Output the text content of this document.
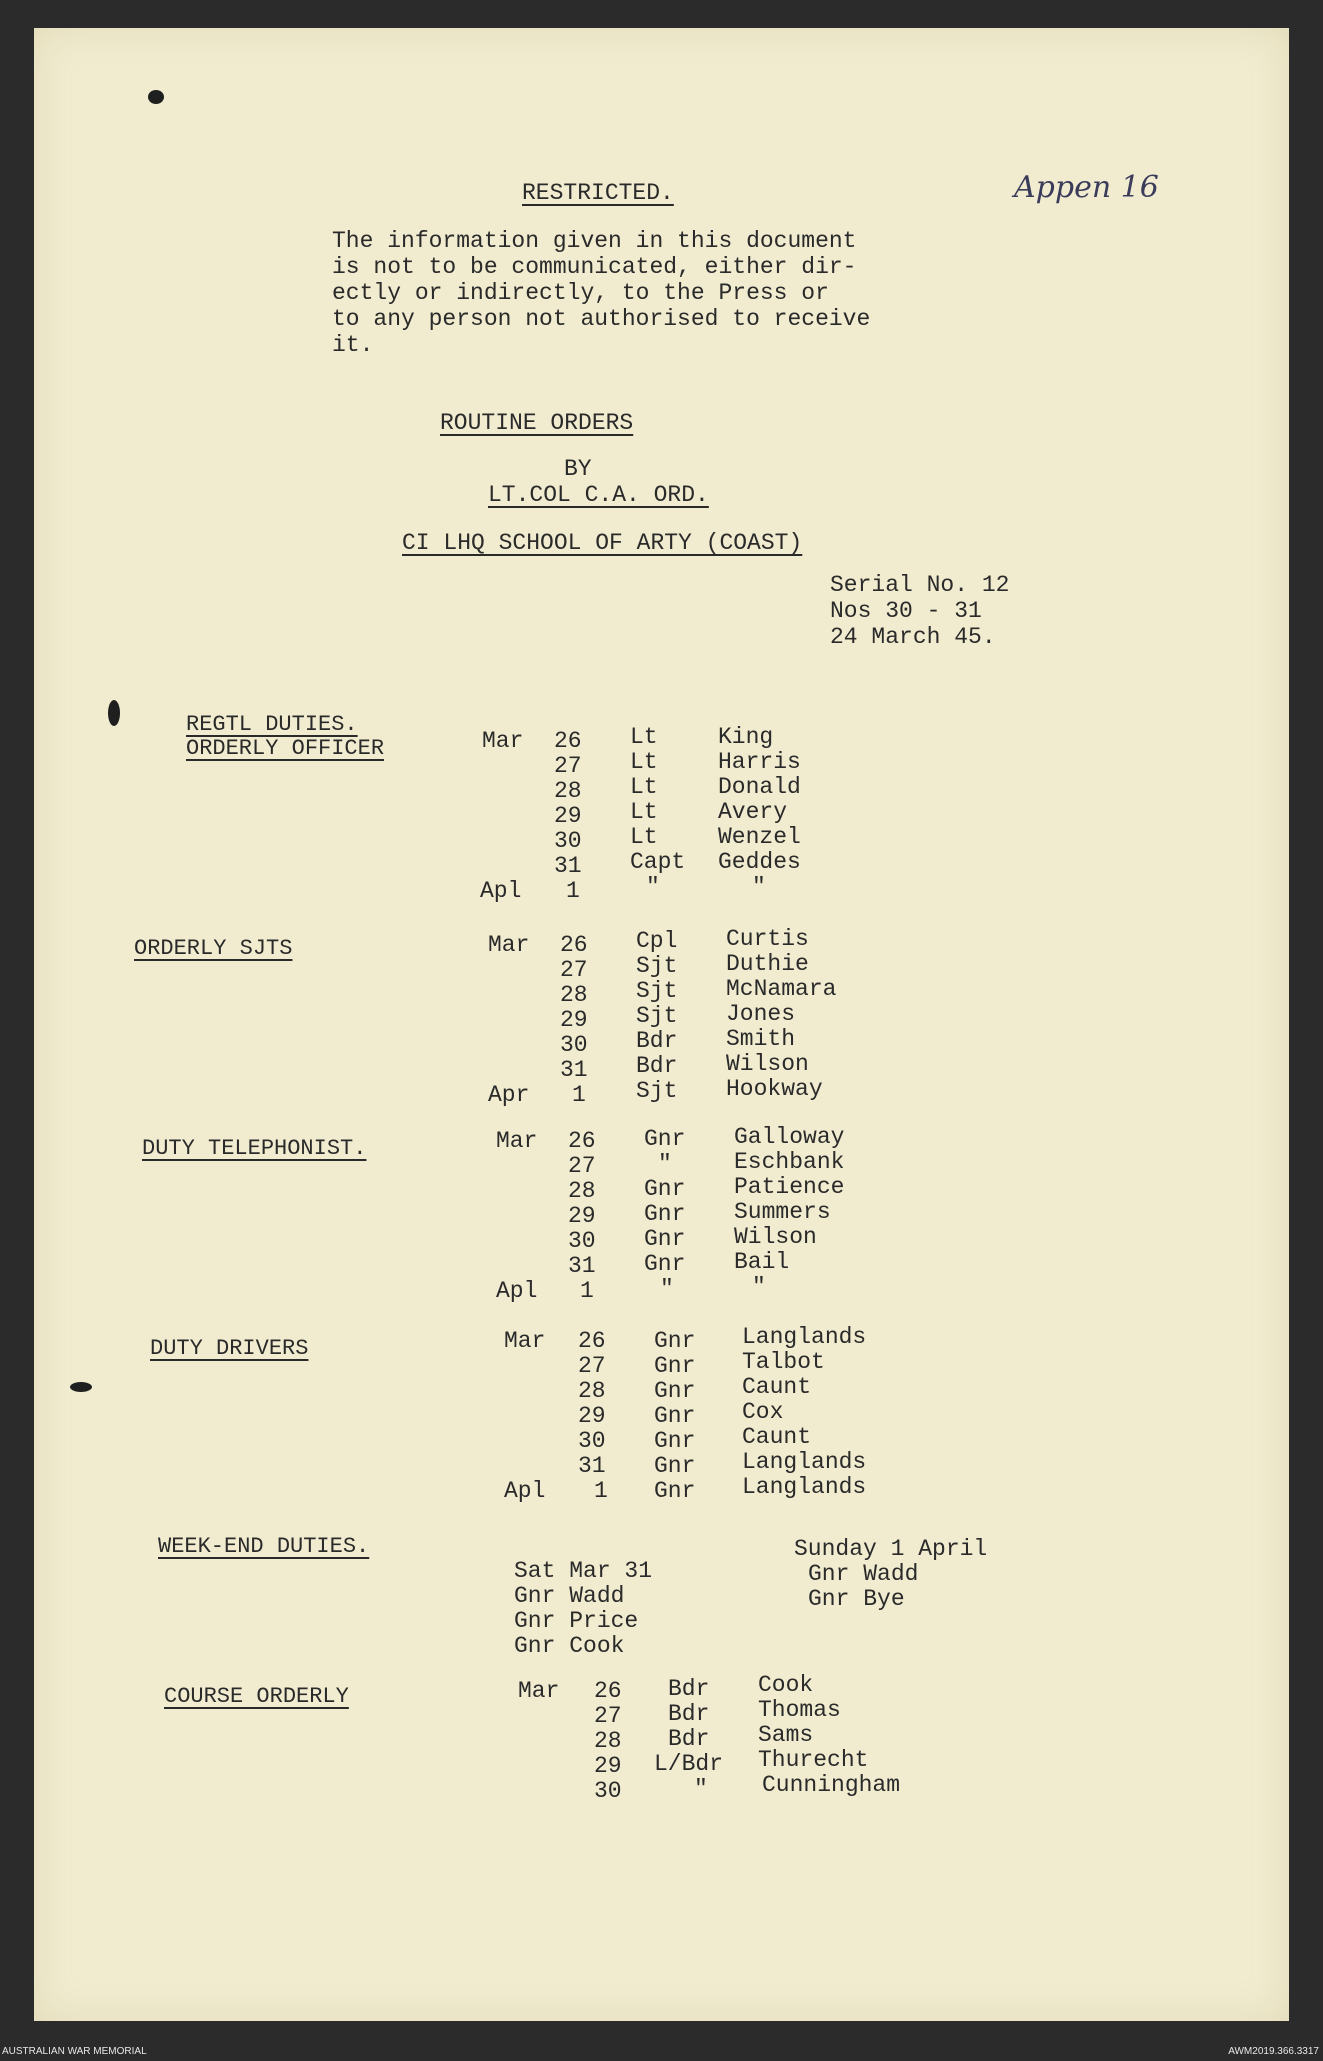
RESTRICTED.	Appen 16
The information given in this document
is not to be communicated, either dir-
ectly or indirectly, to the Press or
to any person not authorised to receive
it.
ROUTINE ORDERS
BY
LT.COL C.A. ORD.
CI LHQ SCHOOL OF ARTY (COAST)
Serial No. 12
Nos 30 - 31
24 March 45.
REGTL DUTIES.
ORDERLY OFFICER	Mar 26 Lt	King
27 Lt	Harris
28 Lt	Donald
29 Lt	Avery
30 Lt	Wenzel
31 Capt Geddes
Apl 1	"	"
ORDERLY SJTS	Mar 26 Cpl Curtis
27 Sjt Duthie
28 Sjt McNamara
29 Sjt Jones
30 Bdr Smith
31 Bdr Wilson
Apr 1 Sjt Hookway
DUTY TELEPHONIST.	Mar 26 Gnr Galloway
27	"	Eschbank
28 Gnr Patience
29 Gnr Summers
30 Gnr Wilson
31 Gnr Bail
Apl 1	"	"
DUTY DRIVERS	Mar 26 Gnr Langlands
27 Gnr Talbot
28 Gnr Caunt
29 Gnr Cox
30 Gnr Caunt
31 Gnr Langlands
Apl 1 Gnr Langlands
WEEK-END DUTIES.
Sat Mar 31
Gnr Wadd
Gnr Price
Gnr Cook
Sunday 1 April
Gnr Wadd
Gnr Bye
COURSE ORDERLY	Mar 26 Bdr Cook
27 Bdr Thomas
28 Bdr Sams
29 L/Bdr Thurecht
30	" Cunningham
AUSTRALIAN WAR MEMORIAL	AWM2019.366.3317
